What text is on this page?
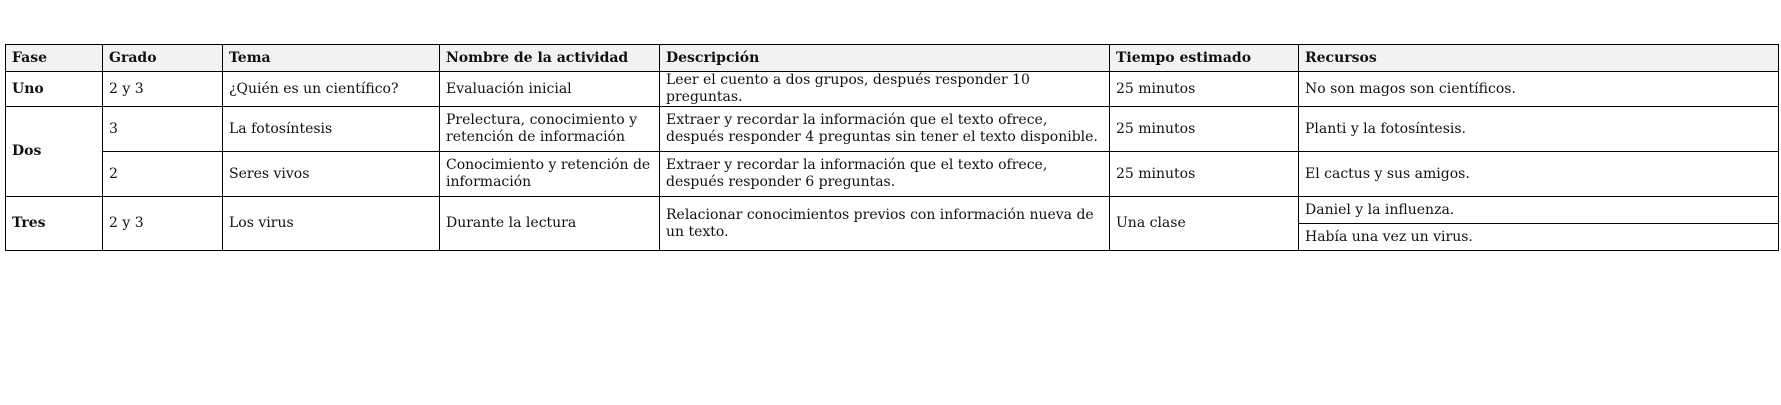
Fase	Grado	Tema	Nombre de la actividad	Descripción	Tiempo estimado	Recursos
Uno	2 y 3	¿Quién es un científico?	Evaluación inicial	Leer el cuento a dos grupos, después responder 10 preguntas.	25 minutos	No son magos son científicos.
Dos	3	La fotosíntesis	Prelectura, conocimiento y retención de información	Extraer y recordar la información que el texto ofrece, después responder 4 preguntas sin tener el texto disponible.	25 minutos	Planti y la fotosíntesis.
	2	Seres vivos	Conocimiento y retención de información	Extraer y recordar la información que el texto ofrece, después responder 6 preguntas.	25 minutos	El cactus y sus amigos.
Tres	2 y 3	Los virus	Durante la lectura	Relacionar conocimientos previos con información nueva de un texto.	Una clase	Daniel y la influenza.
						Había una vez un virus.
